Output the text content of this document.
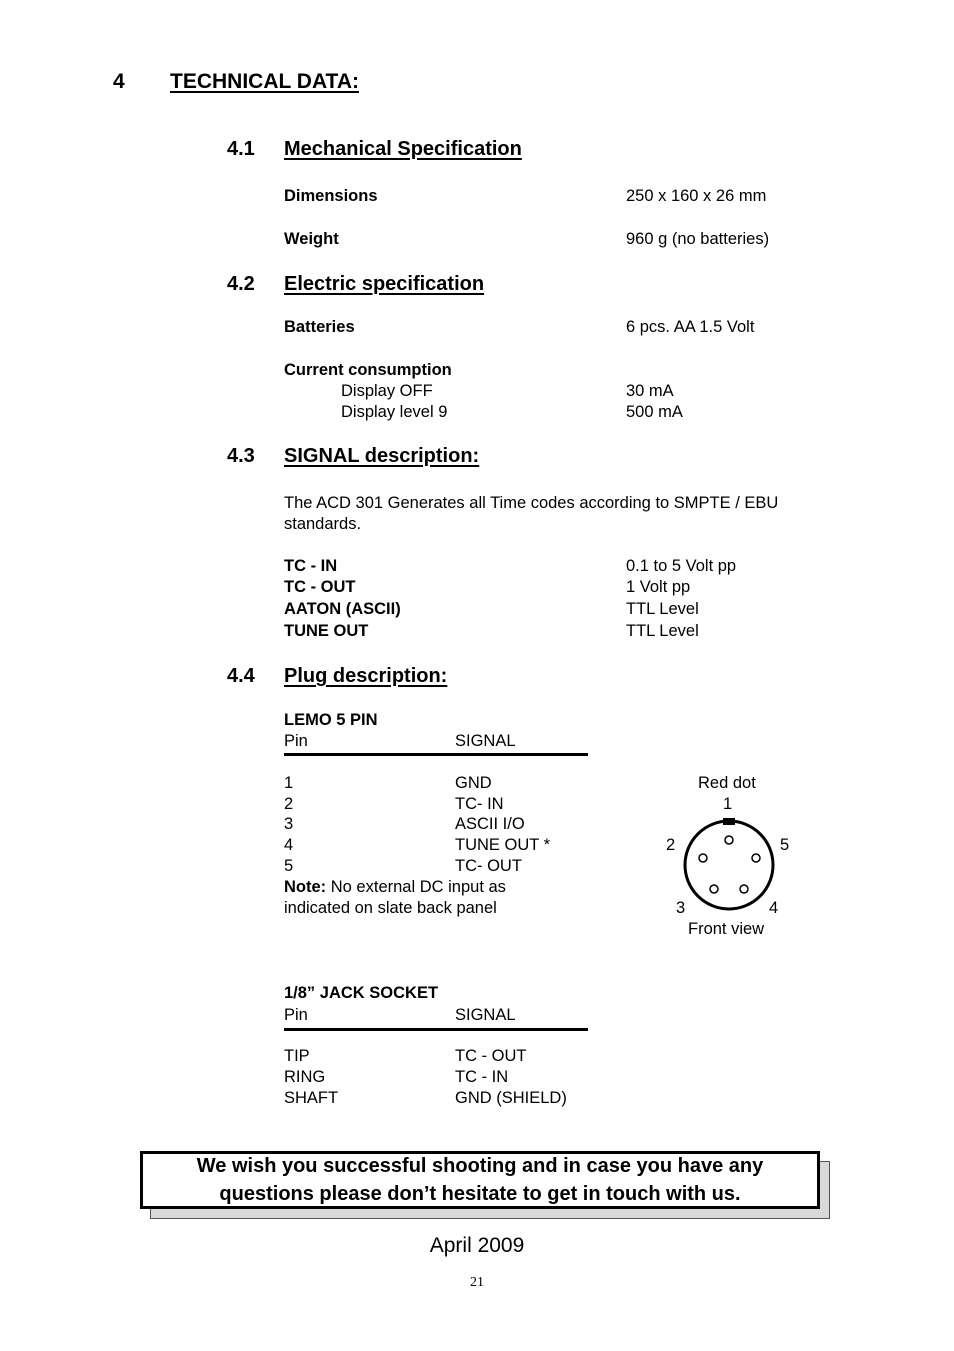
4 TECHNICAL DATA:
4.1 Mechanical Specification
Dimensions	250 x 160 x 26 mm
Weight	960 g (no batteries)
4.2 Electric specification
Batteries	6 pcs. AA 1.5 Volt
Current consumption
Display OFF	30 mA
Display level 9	500 mA
4.3 SIGNAL description:
The ACD 301 Generates all Time codes according to SMPTE / EBU
standards.
TC - IN	0.1 to 5 Volt pp
TC - OUT	1 Volt pp
AATON (ASCII)	TTL Level
TUNE OUT	TTL Level
4.4 Plug description:
LEMO 5 PIN
Pin	SIGNAL
1	GND
2	TC- IN
3	ASCII I/O
4	TUNE OUT *
5	TC- OUT
Note: No external DC input as
indicated on slate back panel
Red dot
1
2	5
3	4
Front view
1/8” JACK SOCKET
Pin	SIGNAL
TIP	TC - OUT
RING	TC - IN
SHAFT	GND (SHIELD)
We wish you successful shooting and in case you have any
questions please don’t hesitate to get in touch with us.
April 2009
21
